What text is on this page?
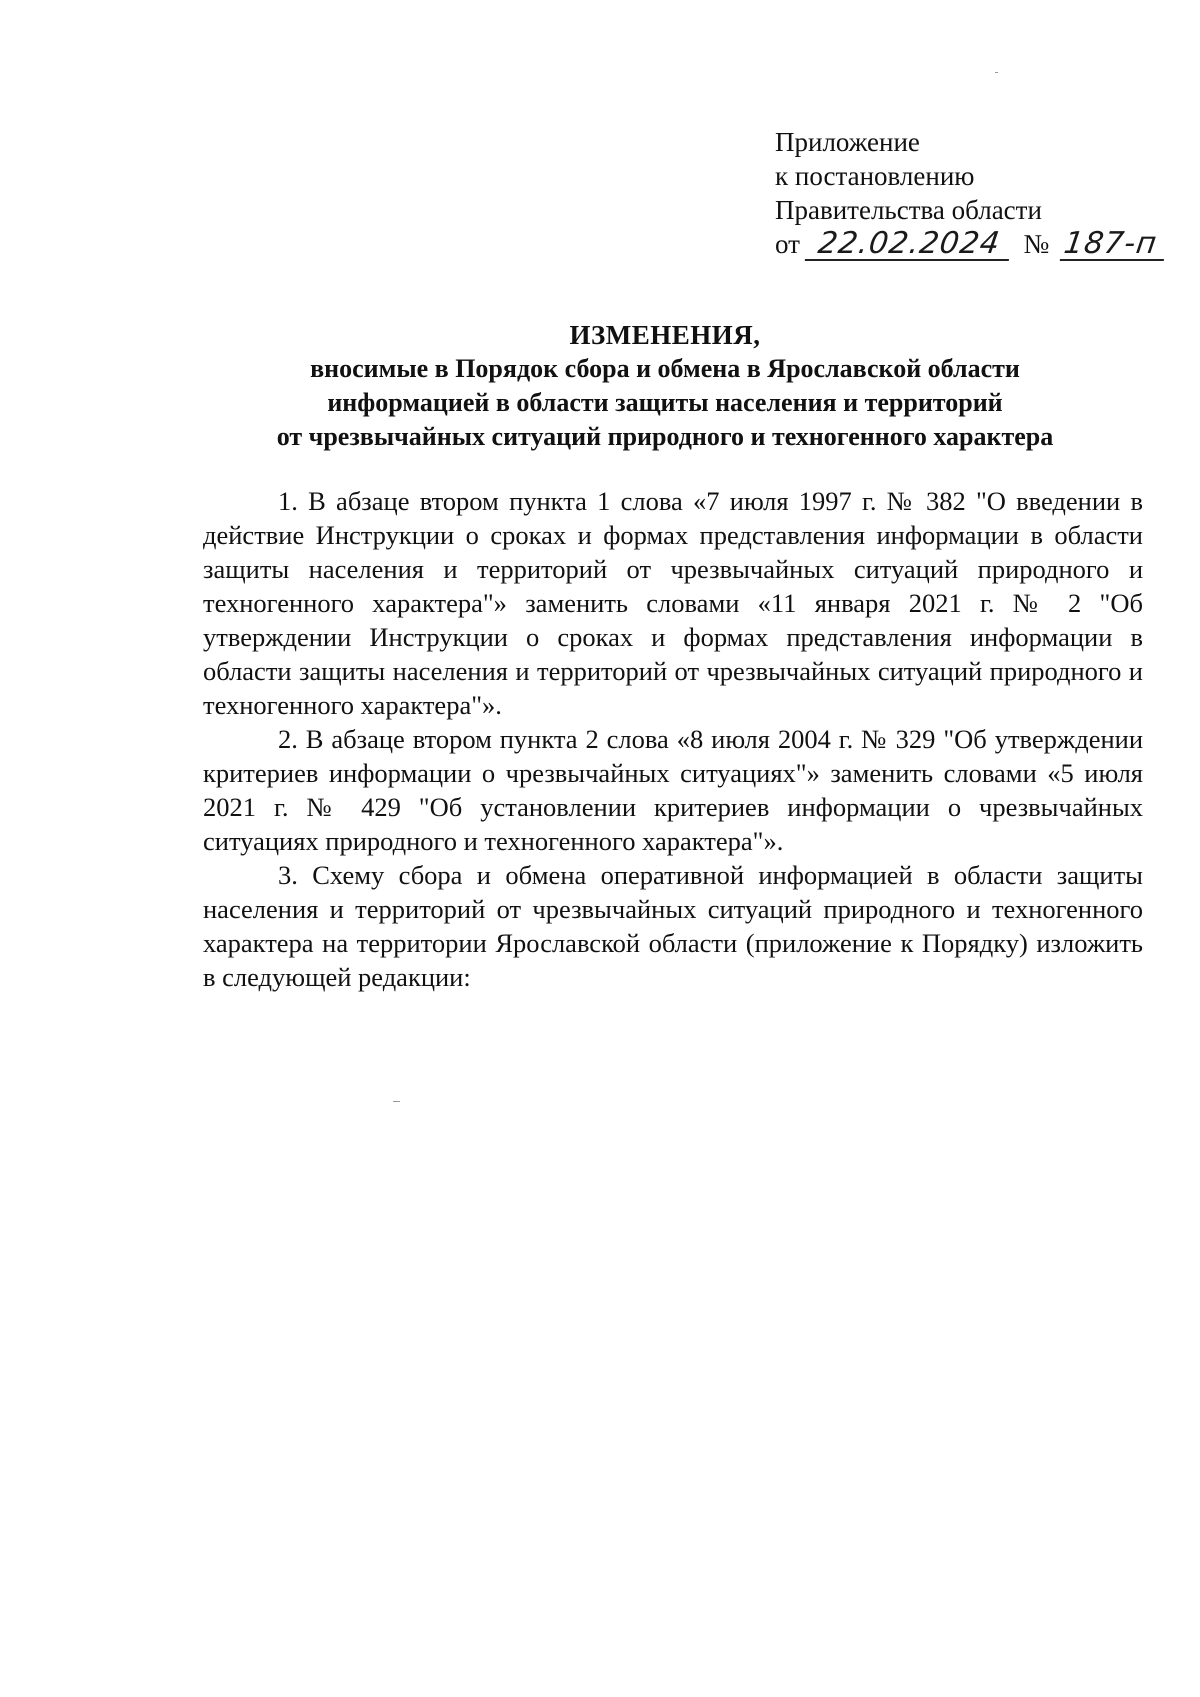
Приложение
к постановлению
Правительства области
от 22.02.2024 № 187-п
ИЗМЕНЕНИЯ,
вносимые в Порядок сбора и обмена в Ярославской области
информацией в области защиты населения и территорий
от чрезвычайных ситуаций природного и техногенного характера

1. В абзаце втором пункта 1 слова «7 июля 1997 г. № 382 "О введении в действие Инструкции о сроках и формах представления информации в области защиты населения и территорий от чрезвычайных ситуаций природного и техногенного характера"» заменить словами «11 января 2021 г. № 2 "Об утверждении Инструкции о сроках и формах представления информации в области защиты населения и территорий от чрезвычайных ситуаций природного и техногенного характера"».

2. В абзаце втором пункта 2 слова «8 июля 2004 г. № 329 "Об утверждении критериев информации о чрезвычайных ситуациях"» заменить словами «5 июля 2021 г. № 429 "Об установлении критериев информации о чрезвычайных ситуациях природного и техногенного характера"».

3. Схему сбора и обмена оперативной информацией в области защиты населения и территорий от чрезвычайных ситуаций природного и техногенного характера на территории Ярославской области (приложение к Порядку) изложить в следующей редакции:
